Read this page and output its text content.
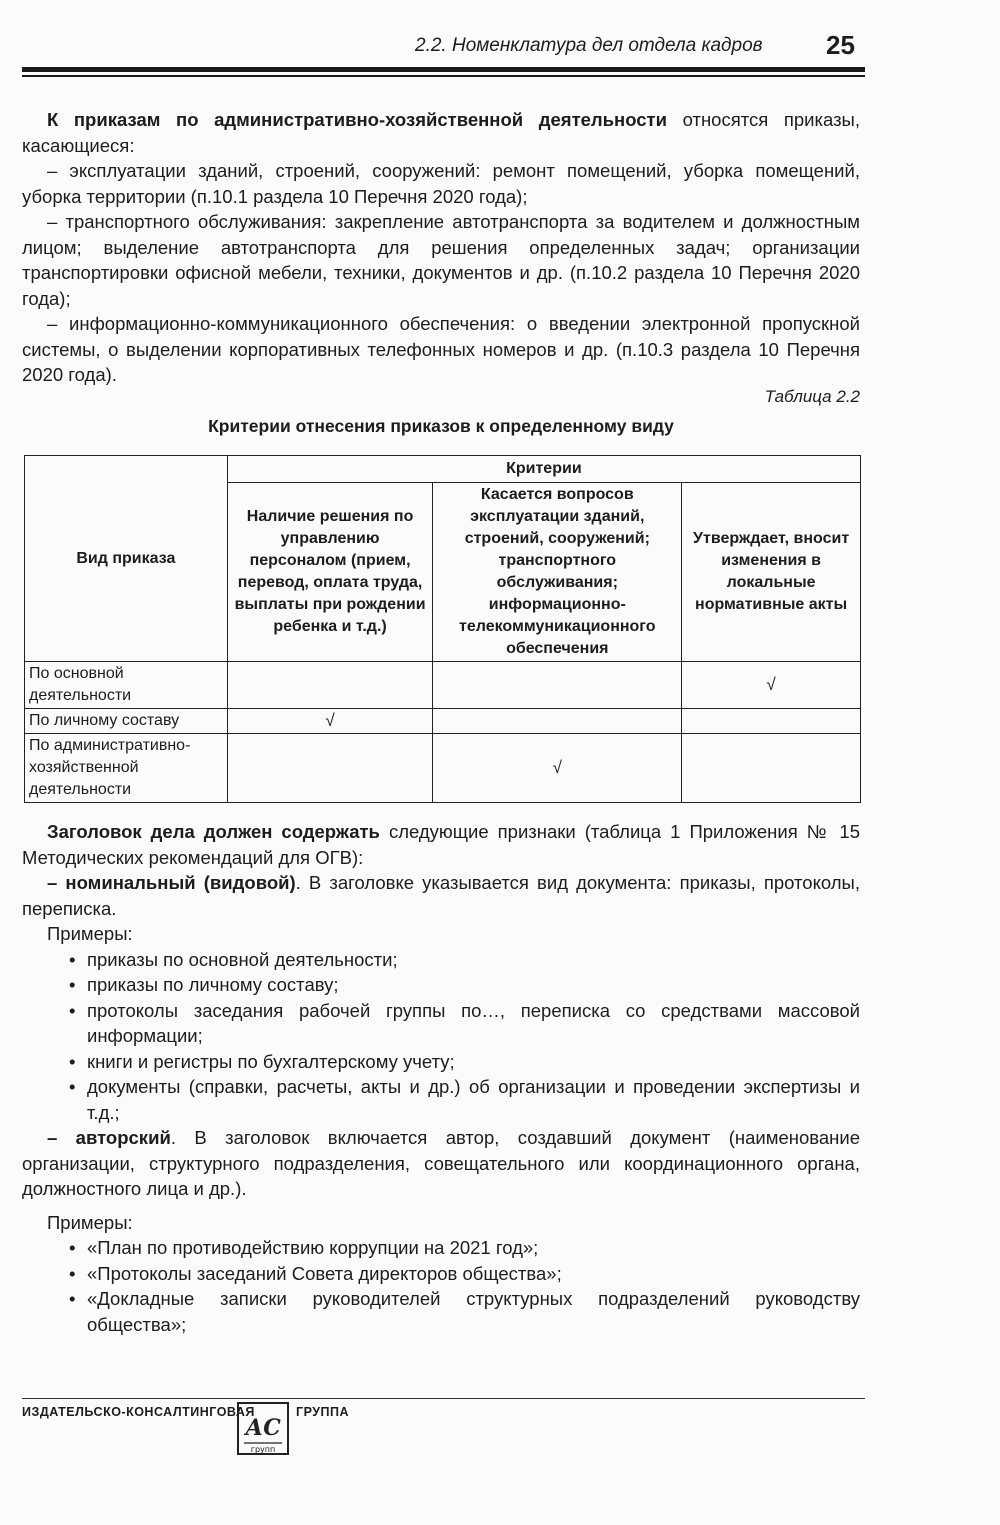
2.2. Номенклатура дел отдела кадров 25

К приказам по административно-хозяйственной деятельности относятся приказы, касающиеся:

– эксплуатации зданий, строений, сооружений: ремонт помещений, уборка помещений, уборка территории (п.10.1 раздела 10 Перечня 2020 года);

– транспортного обслуживания: закрепление автотранспорта за водителем и должностным лицом; выделение автотранспорта для решения определенных задач; организации транспортировки офисной мебели, техники, документов и др. (п.10.2 раздела 10 Перечня 2020 года);

– информационно-коммуникационного обеспечения: о введении электронной пропускной системы, о выделении корпоративных телефонных номеров и др. (п.10.3 раздела 10 Перечня 2020 года).

Таблица 2.2
Критерии отнесения приказов к определенному виду
Вид приказа	Критерии		
	Наличие решения по управлению персоналом (прием, перевод, оплата труда, выплаты при рождении ребенка и т.д.)	Касается вопросов эксплуатации зданий, строений, сооружений; транспортного обслуживания; информационно-телекоммуникационного обеспечения	Утверждает, вносит изменения в локальные нормативные акты
По основной деятельности			√
По личному составу	√		
По административно-хозяйственной деятельности		√	

Заголовок дела должен содержать следующие признаки (таблица 1 Приложения № 15 Методических рекомендаций для ОГВ):

– номинальный (видовой). В заголовке указывается вид документа: приказы, протоколы, переписка.

Примеры:

• приказы по основной деятельности;
• приказы по личному составу;
• протоколы заседания рабочей группы по…, переписка со средствами массовой информации;
• книги и регистры по бухгалтерскому учету;
• документы (справки, расчеты, акты и др.) об организации и проведении экспертизы и т.д.;

– авторский. В заголовок включается автор, создавший документ (наименование организации, структурного подразделения, совещательного или координационного органа, должностного лица и др.).

Примеры:

• «План по противодействию коррупции на 2021 год»;
• «Протоколы заседаний Совета директоров общества»;
• «Докладные записки руководителей структурных подразделений руководству общества»;
ИЗДАТЕЛЬСКО-КОНСАЛТИНГОВАЯ
АС
групп
ГРУППА
